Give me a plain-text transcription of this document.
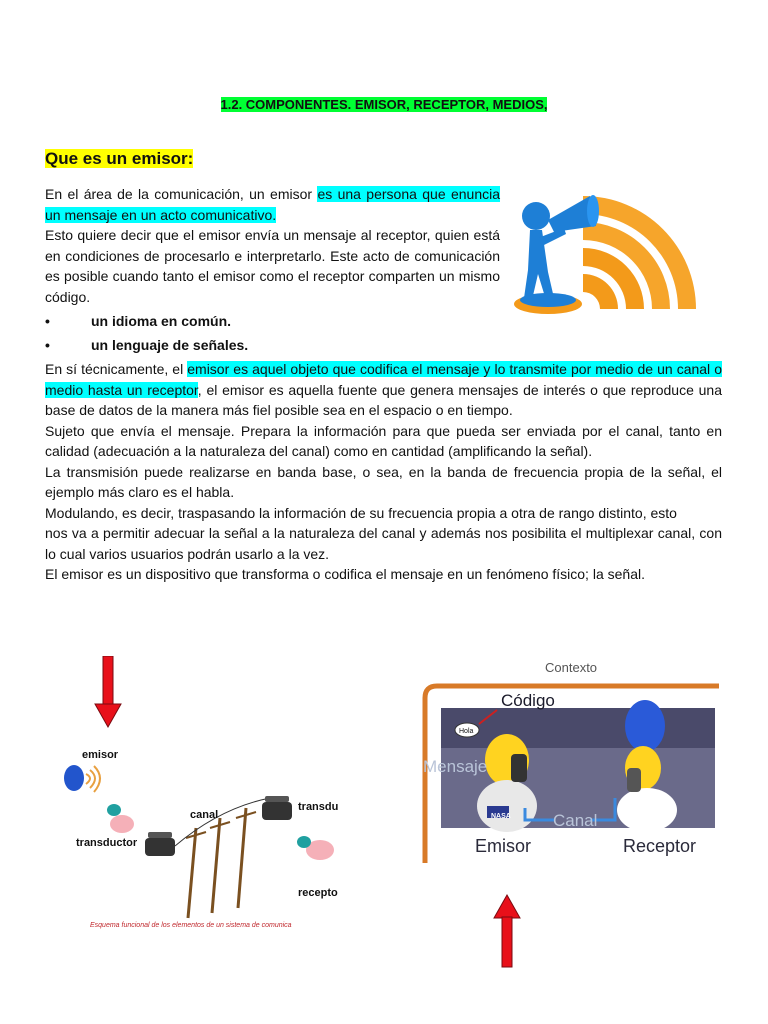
1.2. COMPONENTES. EMISOR, RECEPTOR, MEDIOS,
Que es un emisor:

En el área de la comunicación, un emisor es una persona que enuncia un mensaje en un acto comunicativo.

Esto quiere decir que el emisor envía un mensaje al receptor, quien está en condiciones de procesarlo e interpretarlo. Este acto de comunicación es posible cuando tanto el emisor como el receptor comparten un mismo código.

•	un idioma en común.
•	un lenguaje de señales.

En sí técnicamente, el emisor es aquel objeto que codifica el mensaje y lo transmite por medio de un canal o medio hasta un receptor, el emisor es aquella fuente que genera mensajes de interés o que reproduce una base de datos de la manera más fiel posible sea en el espacio o en tiempo.

Sujeto que envía el mensaje. Prepara la información para que pueda ser enviada por el canal, tanto en calidad (adecuación a la naturaleza del canal) como en cantidad (amplificando la señal).

La transmisión puede realizarse en banda base, o sea, en la banda de frecuencia propia de la señal, el ejemplo más claro es el habla.

Modulando, es decir, traspasando la información de su frecuencia propia a otra de rango distinto, esto

nos va a permitir adecuar la señal a la naturaleza del canal y además nos posibilita el multiplexar canal, con lo cual varios usuarios podrán usarlo a la vez.

El emisor es un dispositivo que transforma o codifica el mensaje en un fenómeno físico; la señal.

emisor
transductor
canal
transdu
recepto
Esquema funcional de los elementos de un sistema de comunica
Contexto
Código
Hola
Mensaje
Canal
Emisor	Receptor
NASA
